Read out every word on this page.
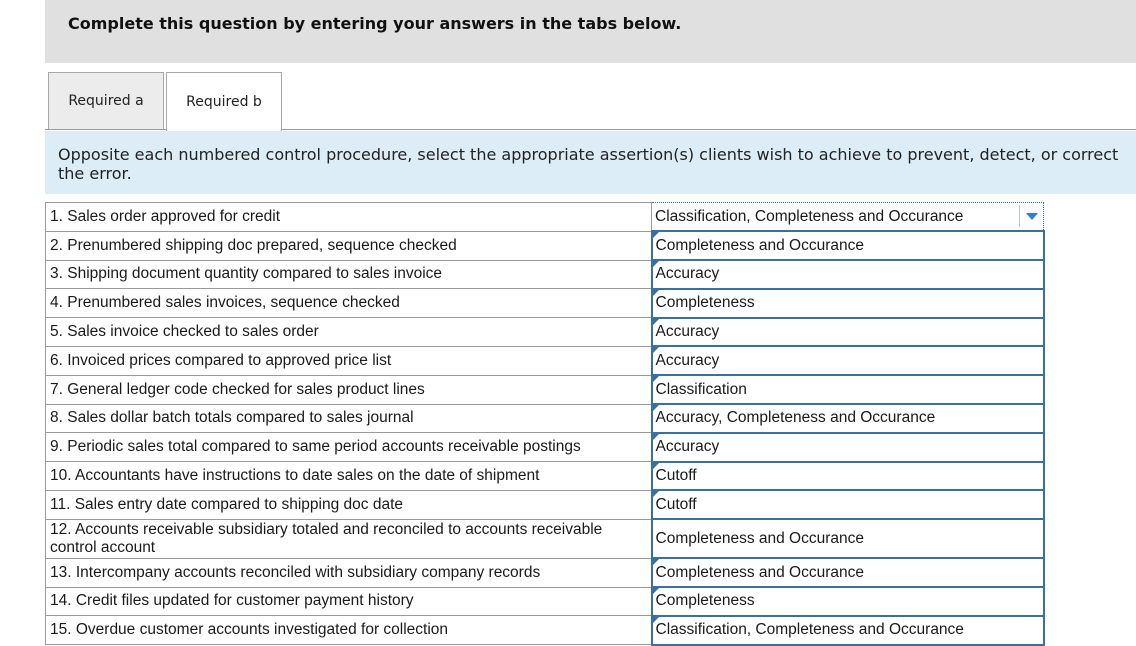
Complete this question by entering your answers in the tabs below.
Required a	Required b
Opposite each numbered control procedure, select the appropriate assertion(s) clients wish to achieve to prevent, detect, or correct the error.
1. Sales order approved for credit	Classification, Completeness and Occurance

2. Prenumbered shipping doc prepared, sequence checked	Completeness and Occurance

3. Shipping document quantity compared to sales invoice	Accuracy

4. Prenumbered sales invoices, sequence checked	Completeness

5. Sales invoice checked to sales order	Accuracy

6. Invoiced prices compared to approved price list	Accuracy

7. General ledger code checked for sales product lines	Classification

8. Sales dollar batch totals compared to sales journal	Accuracy, Completeness and Occurance

9. Periodic sales total compared to same period accounts receivable postings	Accuracy

10. Accountants have instructions to date sales on the date of shipment	Cutoff

11. Sales entry date compared to shipping doc date	Cutoff

12. Accounts receivable subsidiary totaled and reconciled to accounts receivable control account	Completeness and Occurance

13. Intercompany accounts reconciled with subsidiary company records	Completeness and Occurance

14. Credit files updated for customer payment history	Completeness

15. Overdue customer accounts investigated for collection	Classification, Completeness and Occurance
